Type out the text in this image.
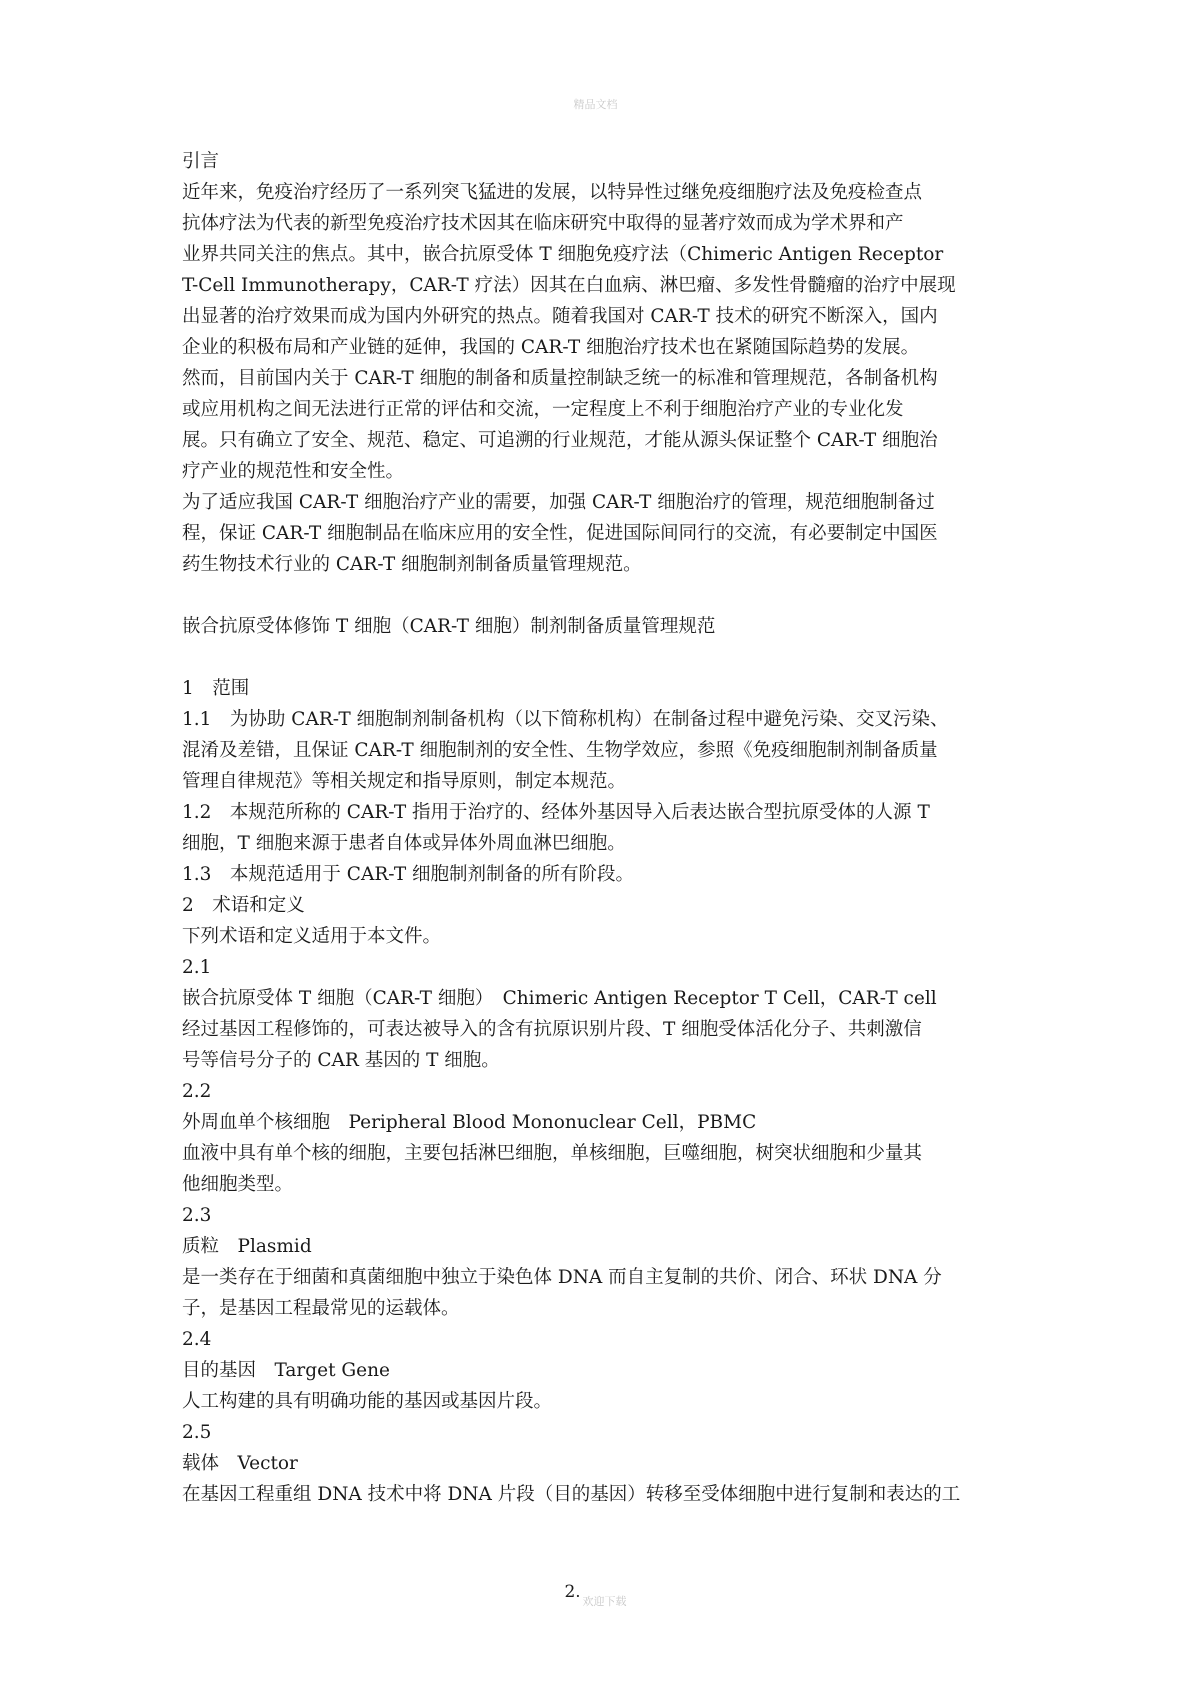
精品文档
引言
近年来，免疫治疗经历了一系列突飞猛进的发展，以特异性过继免疫细胞疗法及免疫检查点
抗体疗法为代表的新型免疫治疗技术因其在临床研究中取得的显著疗效而成为学术界和产
业界共同关注的焦点。其中，嵌合抗原受体 T 细胞免疫疗法（Chimeric Antigen Receptor
T-Cell Immunotherapy，CAR-T 疗法）因其在白血病、淋巴瘤、多发性骨髓瘤的治疗中展现
出显著的治疗效果而成为国内外研究的热点。随着我国对 CAR-T 技术的研究不断深入，国内
企业的积极布局和产业链的延伸，我国的 CAR-T 细胞治疗技术也在紧随国际趋势的发展。
然而，目前国内关于 CAR-T 细胞的制备和质量控制缺乏统一的标准和管理规范，各制备机构
或应用机构之间无法进行正常的评估和交流，一定程度上不利于细胞治疗产业的专业化发
展。只有确立了安全、规范、稳定、可追溯的行业规范，才能从源头保证整个 CAR-T 细胞治
疗产业的规范性和安全性。
为了适应我国 CAR-T 细胞治疗产业的需要，加强 CAR-T 细胞治疗的管理，规范细胞制备过
程，保证 CAR-T 细胞制品在临床应用的安全性，促进国际间同行的交流，有必要制定中国医
药生物技术行业的 CAR-T 细胞制剂制备质量管理规范。
嵌合抗原受体修饰 T 细胞（CAR-T 细胞）制剂制备质量管理规范
1　范围
1.1　为协助 CAR-T 细胞制剂制备机构（以下简称机构）在制备过程中避免污染、交叉污染、
混淆及差错，且保证 CAR-T 细胞制剂的安全性、生物学效应，参照《免疫细胞制剂制备质量
管理自律规范》等相关规定和指导原则，制定本规范。
1.2　本规范所称的 CAR-T 指用于治疗的、经体外基因导入后表达嵌合型抗原受体的人源 T
细胞，T 细胞来源于患者自体或异体外周血淋巴细胞。
1.3　本规范适用于 CAR-T 细胞制剂制备的所有阶段。
2　术语和定义
下列术语和定义适用于本文件。
2.1
嵌合抗原受体 T 细胞（CAR-T 细胞）　Chimeric Antigen Receptor T Cell，CAR-T cell
经过基因工程修饰的，可表达被导入的含有抗原识别片段、T 细胞受体活化分子、共刺激信
号等信号分子的 CAR 基因的 T 细胞。
2.2
外周血单个核细胞　Peripheral Blood Mononuclear Cell，PBMC
血液中具有单个核的细胞，主要包括淋巴细胞，单核细胞，巨噬细胞，树突状细胞和少量其
他细胞类型。
2.3
质粒　Plasmid
是一类存在于细菌和真菌细胞中独立于染色体 DNA 而自主复制的共价、闭合、环状 DNA 分
子，是基因工程最常见的运载体。
2.4
目的基因　Target Gene
人工构建的具有明确功能的基因或基因片段。
2.5
载体　Vector
在基因工程重组 DNA 技术中将 DNA 片段（目的基因）转移至受体细胞中进行复制和表达的工
$2._{欢迎下载}$
